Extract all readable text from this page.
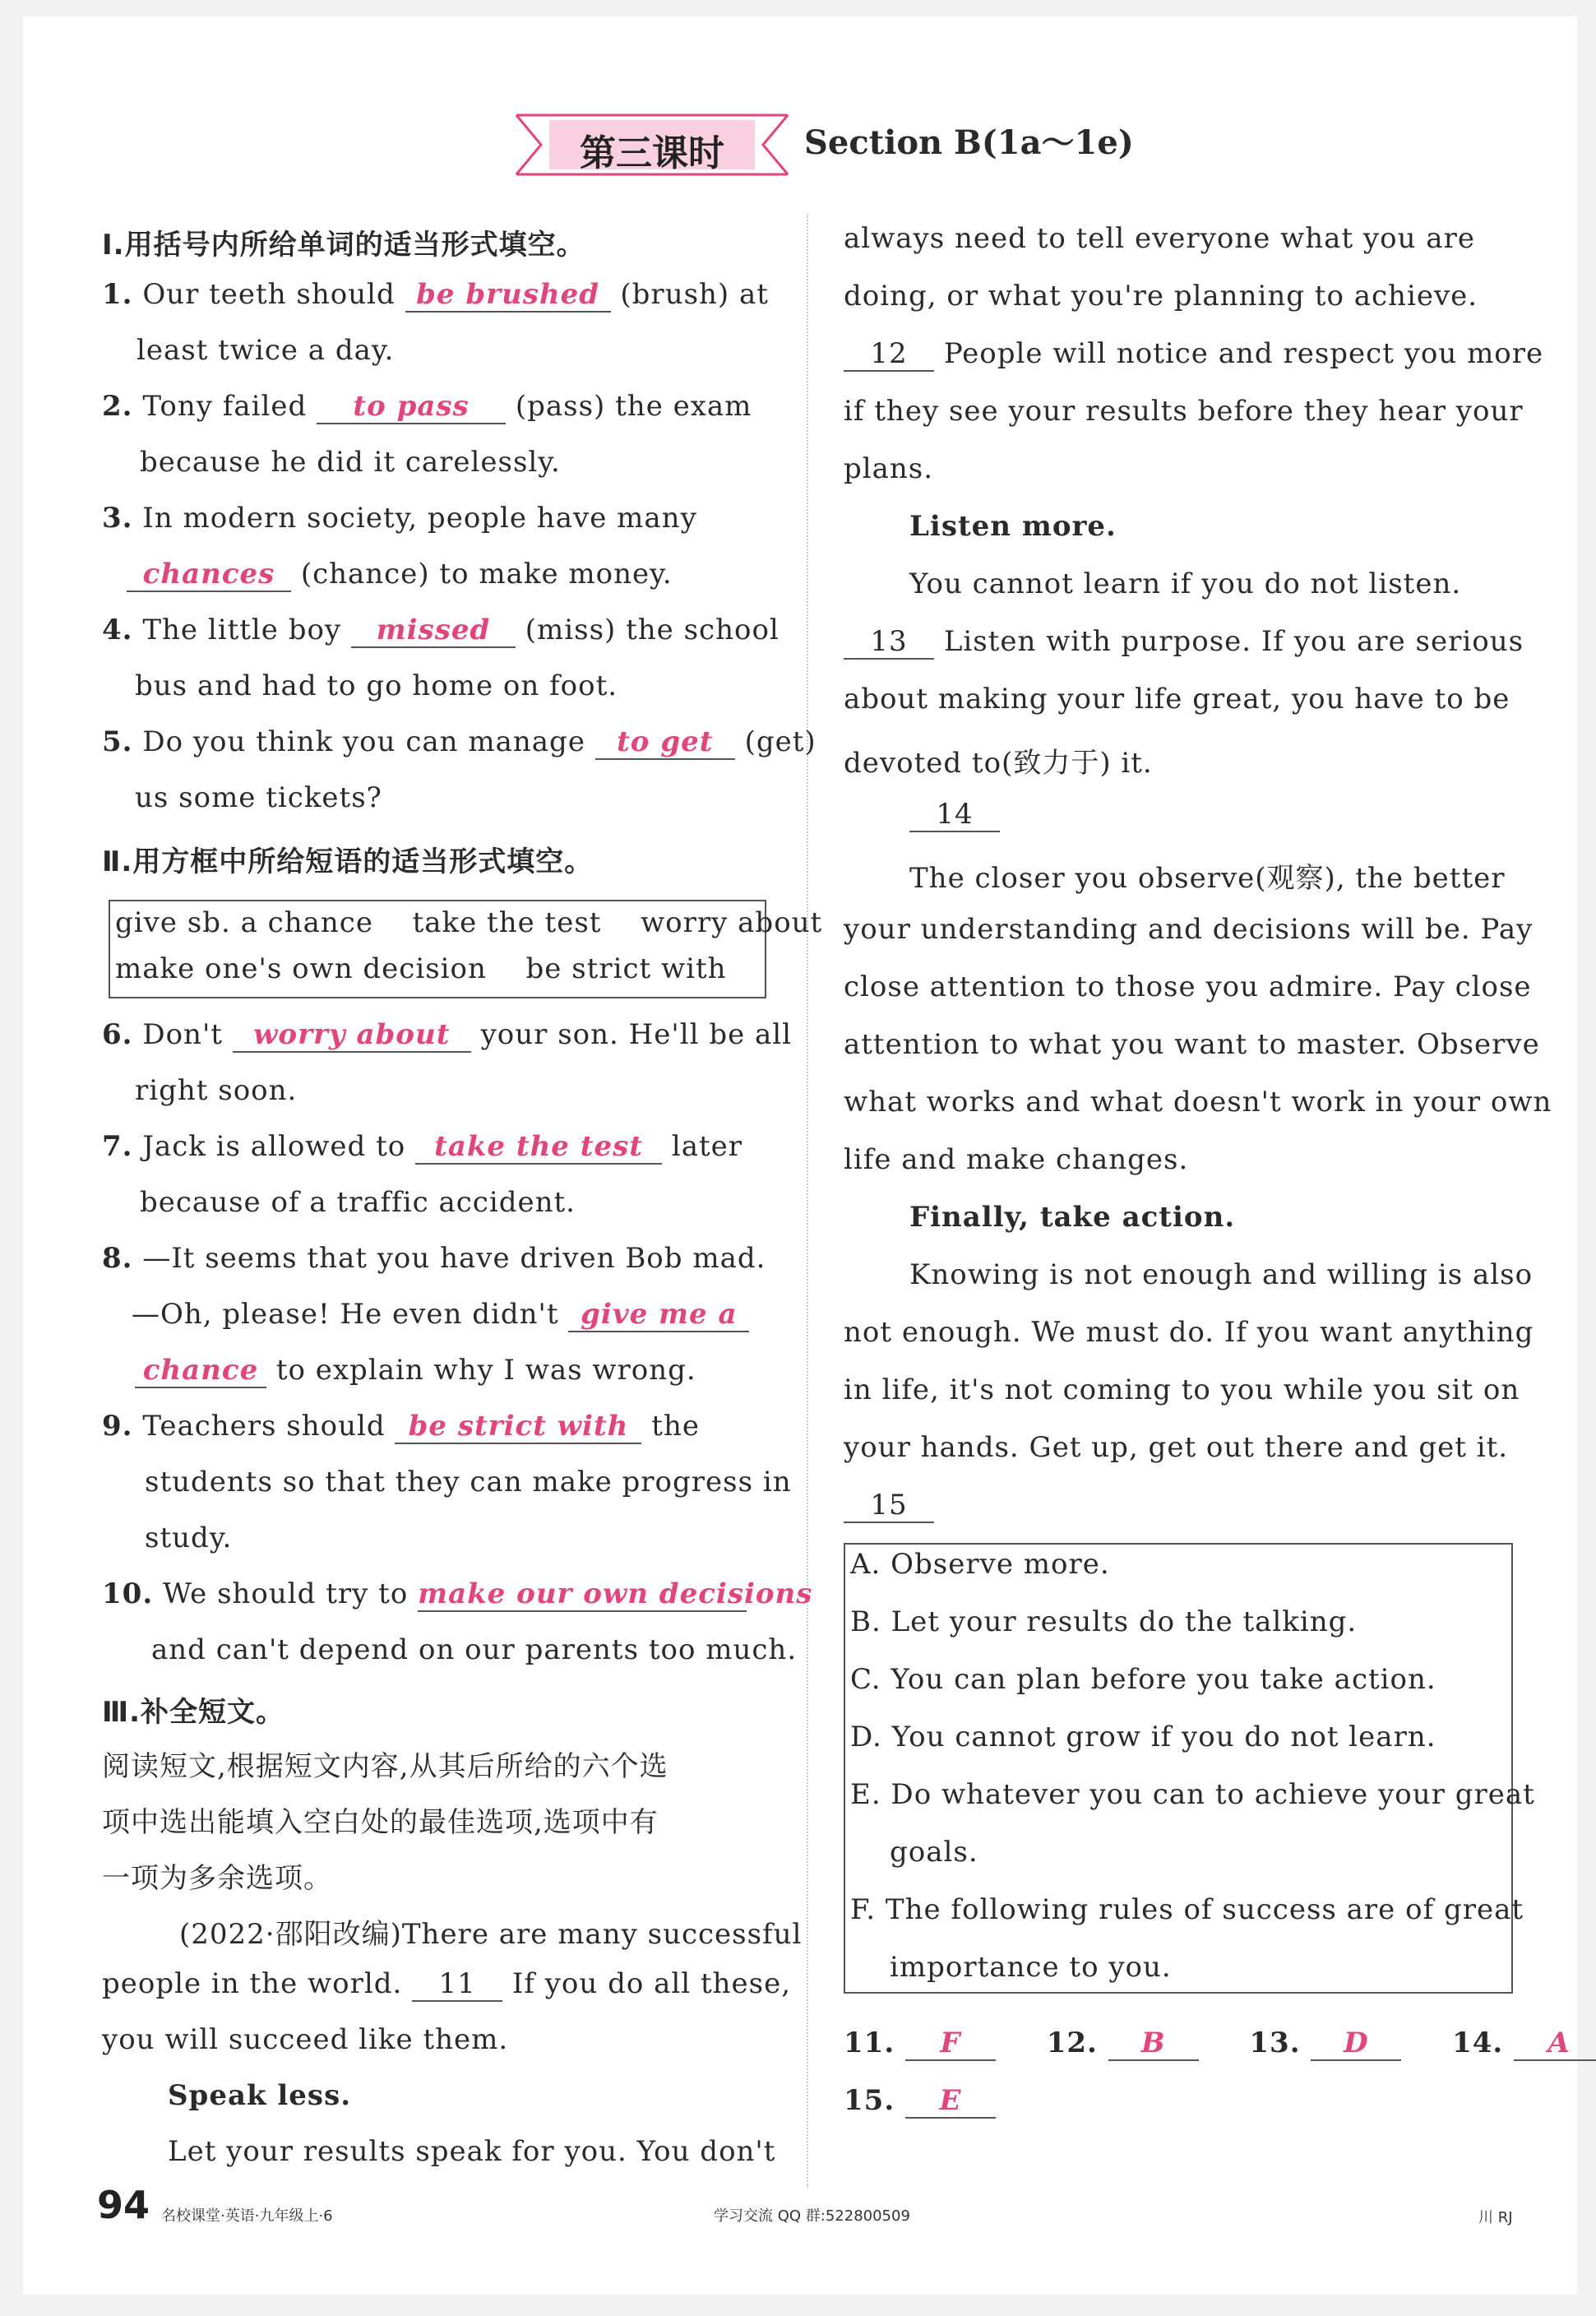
第三课时	Section B(1a～1e)
Ⅰ.用括号内所给单词的适当形式填空。
1. Our teeth should be brushed (brush) at
least twice a day.
2. Tony failed to pass (pass) the exam
because he did it carelessly.
3. In modern society, people have many
chances (chance) to make money.
4. The little boy missed (miss) the school
bus and had to go home on foot.
5. Do you think you can manage to get (get)
us some tickets?
Ⅱ.用方框中所给短语的适当形式填空。
give sb. a chance take the test worry about
make one's own decision be strict with
6. Don't worry about your son. He'll be all
right soon.
7. Jack is allowed to take the test later
because of a traffic accident.
8. —It seems that you have driven Bob mad.
—Oh, please! He even didn't give me a
chance to explain why I was wrong.
9. Teachers should be strict with the
students so that they can make progress in
study.
10. We should try to make our own decisions
and can't depend on our parents too much.
Ⅲ.补全短文。
阅读短文,根据短文内容,从其后所给的六个选
项中选出能填入空白处的最佳选项,选项中有
一项为多余选项。
(2022·邵阳改编)There are many successful
people in the world. 11 If you do all these,
you will succeed like them.
Speak less.
Let your results speak for you. You don't
always need to tell everyone what you are
doing, or what you're planning to achieve.
12 People will notice and respect you more
if they see your results before they hear your
plans.
Listen more.
You cannot learn if you do not listen.
13 Listen with purpose. If you are serious
about making your life great, you have to be
devoted to(致力于) it.
14
The closer you observe(观察), the better
your understanding and decisions will be. Pay
close attention to those you admire. Pay close
attention to what you want to master. Observe
what works and what doesn't work in your own
life and make changes.
Finally, take action.
Knowing is not enough and willing is also
not enough. We must do. If you want anything
in life, it's not coming to you while you sit on
your hands. Get up, get out there and get it.
15
A. Observe more.
B. Let your results do the talking.
C. You can plan before you take action.
D. You cannot grow if you do not learn.
E. Do whatever you can to achieve your great
goals.
F. The following rules of success are of great
importance to you.
11. F	12. B	13. D	14. A
15. E
94 名校课堂·英语·九年级上·6	学习交流 QQ 群:522800509	川 RJ
